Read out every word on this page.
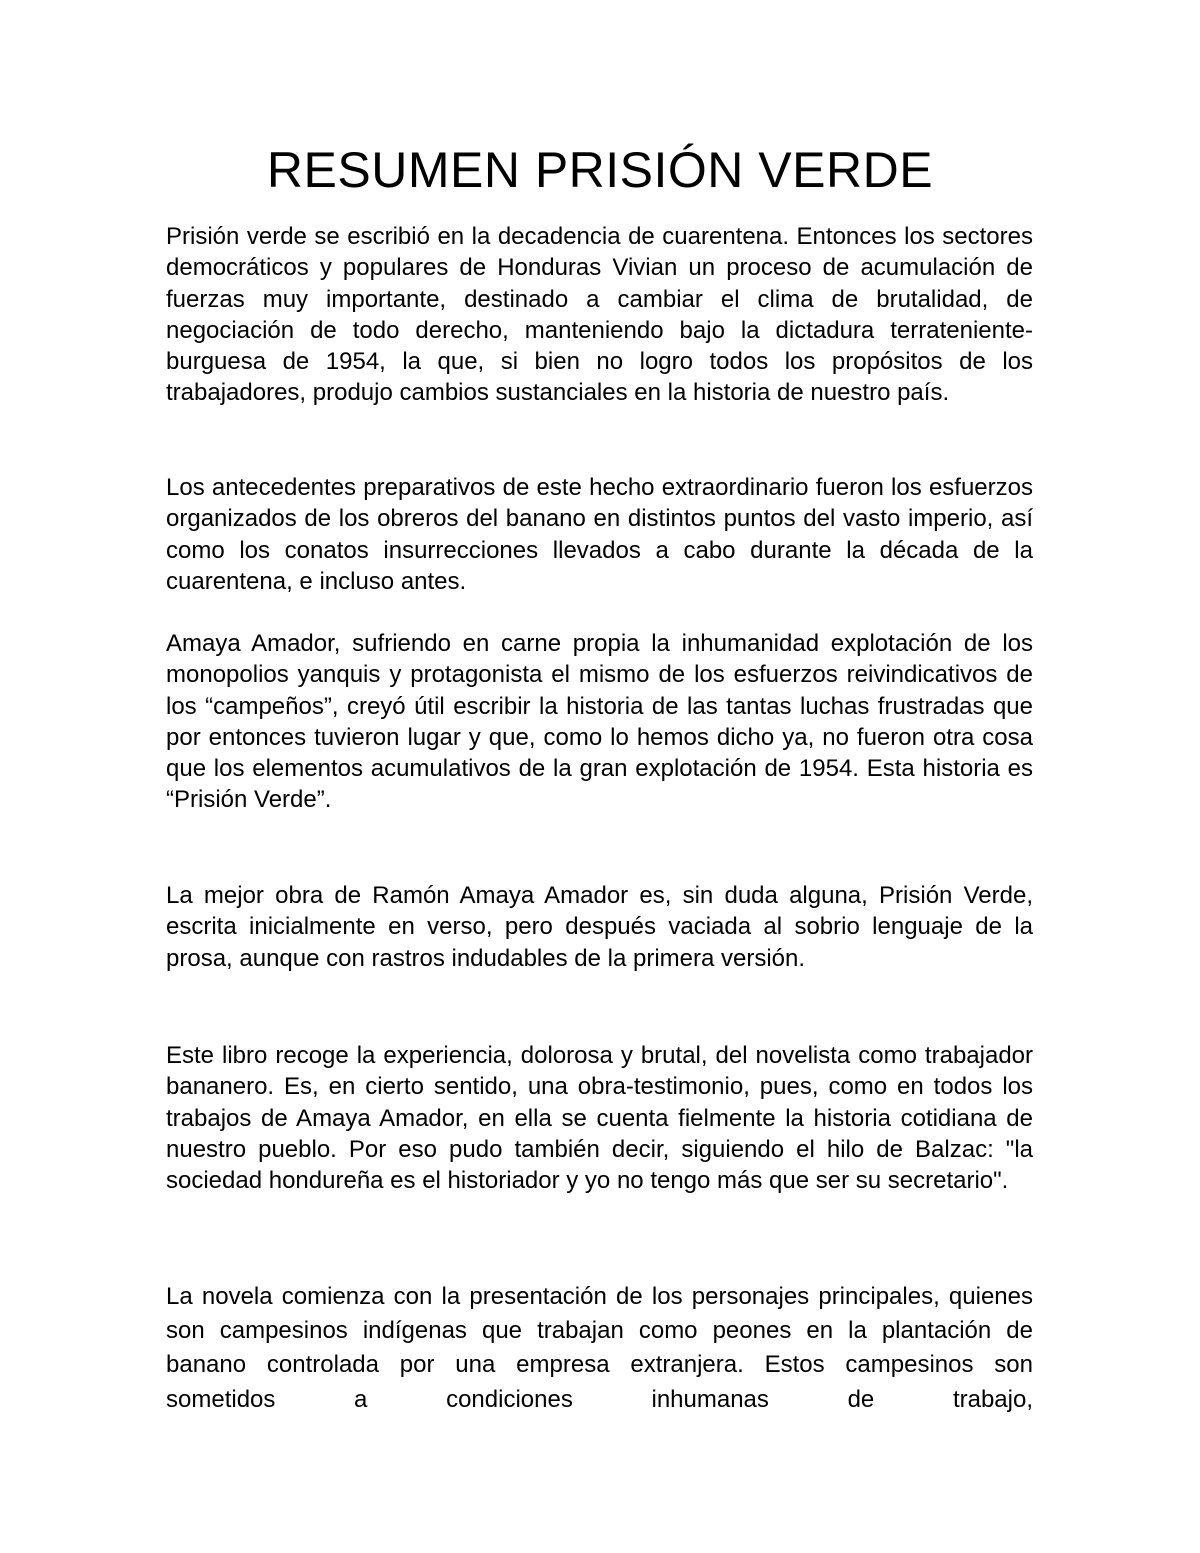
RESUMEN PRISIÓN VERDE

Prisión verde se escribió en la decadencia de cuarentena. Entonces los sectores democráticos y populares de Honduras Vivian un proceso de acumulación de fuerzas muy importante, destinado a cambiar el clima de brutalidad, de negociación de todo derecho, manteniendo bajo la dictadura terrateniente-burguesa de 1954, la que, si bien no logro todos los propósitos de los trabajadores, produjo cambios sustanciales en la historia de nuestro país.

Los antecedentes preparativos de este hecho extraordinario fueron los esfuerzos organizados de los obreros del banano en distintos puntos del vasto imperio, así como los conatos insurrecciones llevados a cabo durante la década de la cuarentena, e incluso antes.

Amaya Amador, sufriendo en carne propia la inhumanidad explotación de los monopolios yanquis y protagonista el mismo de los esfuerzos reivindicativos de los “campeños”, creyó útil escribir la historia de las tantas luchas frustradas que por entonces tuvieron lugar y que, como lo hemos dicho ya, no fueron otra cosa que los elementos acumulativos de la gran explotación de 1954. Esta historia es “Prisión Verde”.

La mejor obra de Ramón Amaya Amador es, sin duda alguna, Prisión Verde, escrita inicialmente en verso, pero después vaciada al sobrio lenguaje de la prosa, aunque con rastros indudables de la primera versión.

Este libro recoge la experiencia, dolorosa y brutal, del novelista como trabajador bananero. Es, en cierto sentido, una obra-testimonio, pues, como en todos los trabajos de Amaya Amador, en ella se cuenta fielmente la historia cotidiana de nuestro pueblo. Por eso pudo también decir, siguiendo el hilo de Balzac: "la sociedad hondureña es el historiador y yo no tengo más que ser su secretario".

La novela comienza con la presentación de los personajes principales, quienes son campesinos indígenas que trabajan como peones en la plantación de banano controlada por una empresa extranjera. Estos campesinos son sometidos a condiciones inhumanas de trabajo,
